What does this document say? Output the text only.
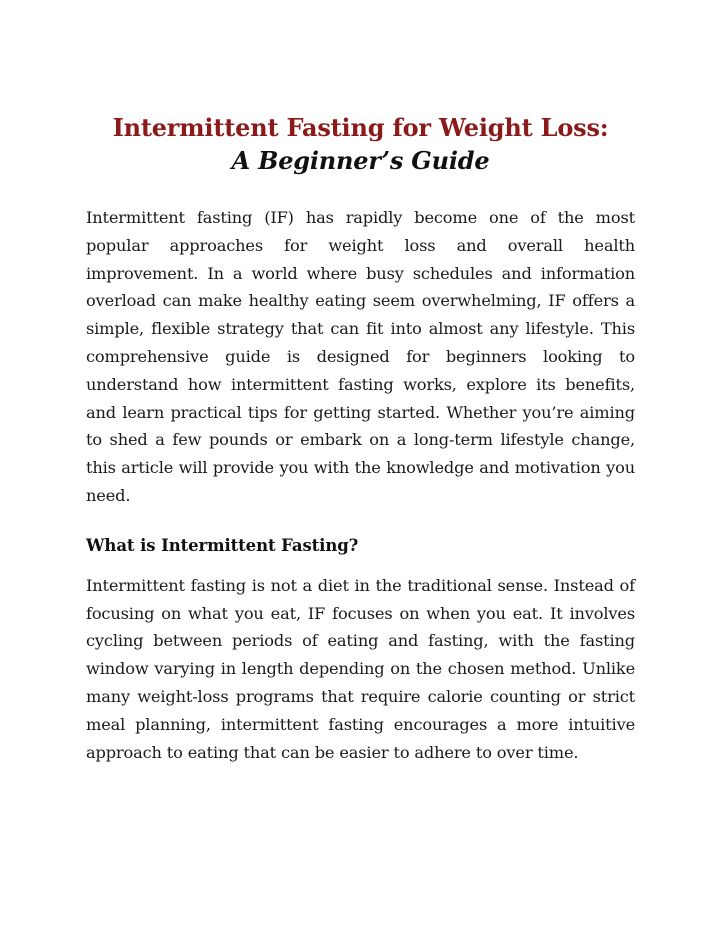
Intermittent Fasting for Weight Loss:
A Beginner’s Guide

Intermittent fasting (IF) has rapidly become one of the most popular approaches for weight loss and overall health improvement. In a world where busy schedules and information overload can make healthy eating seem overwhelming, IF offers a simple, flexible strategy that can fit into almost any lifestyle. This comprehensive guide is designed for beginners looking to understand how intermittent fasting works, explore its benefits, and learn practical tips for getting started. Whether you’re aiming to shed a few pounds or embark on a long-term lifestyle change, this article will provide you with the knowledge and motivation you need.

What is Intermittent Fasting?

Intermittent fasting is not a diet in the traditional sense. Instead of focusing on what you eat, IF focuses on when you eat. It involves cycling between periods of eating and fasting, with the fasting window varying in length depending on the chosen method. Unlike many weight-loss programs that require calorie counting or strict meal planning, intermittent fasting encourages a more intuitive approach to eating that can be easier to adhere to over time.
